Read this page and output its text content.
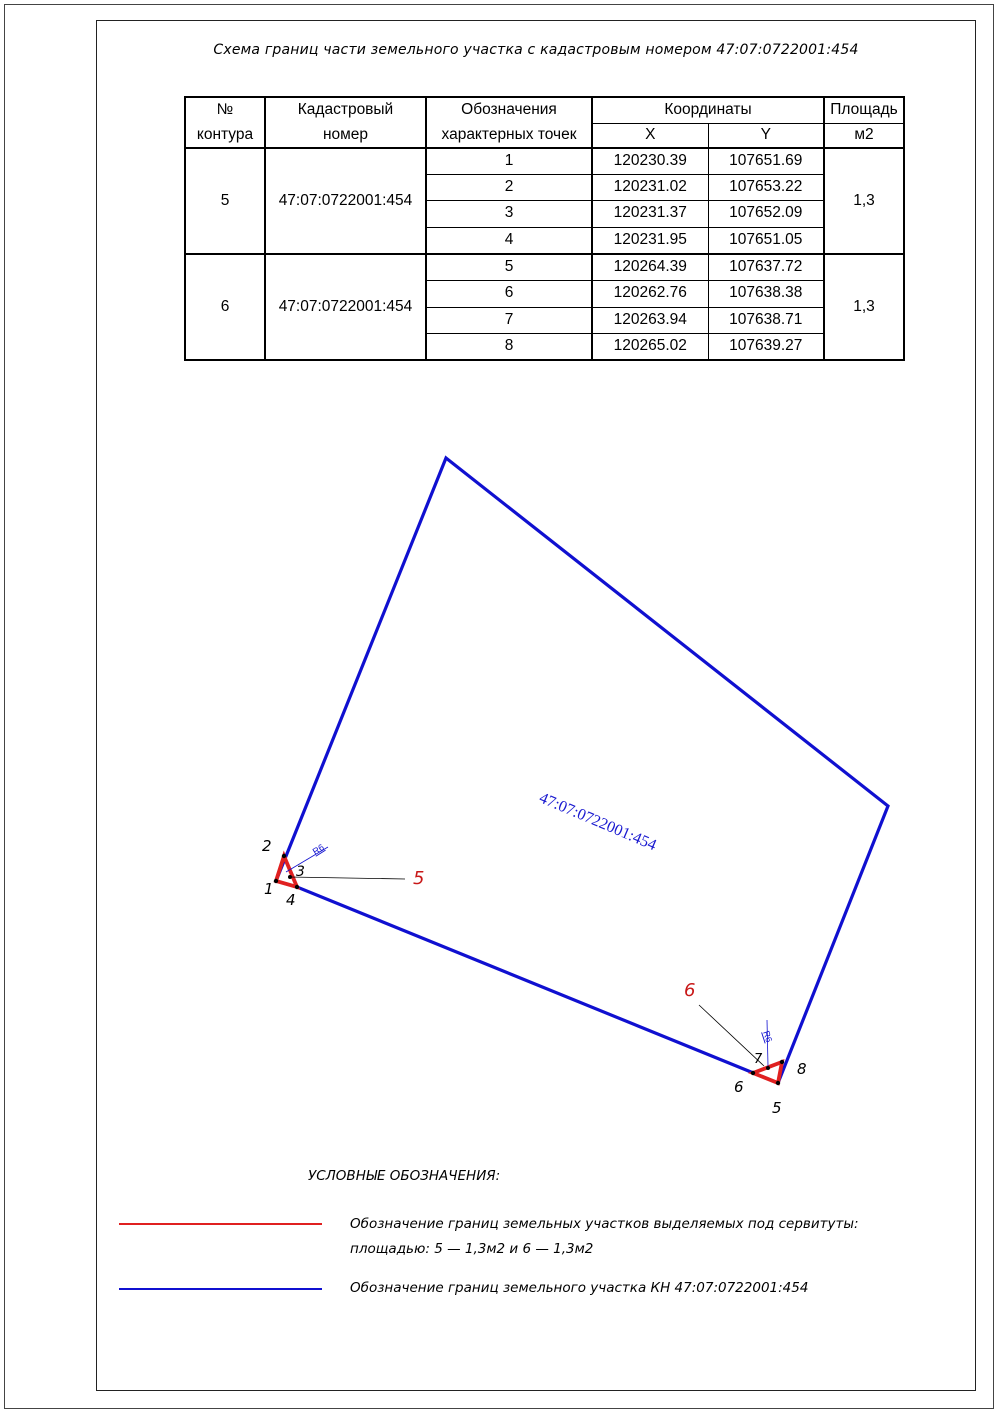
Схема границ части земельного участка с кадастровым номером 47:07:0722001:454
№	Кадастровый	Обозначения	Координаты		Площадь
контура	номер	характерных точек	X	Y	м2
5	47:07:0722001:454	1	120230.39	107651.69	1,3
		2	120231.02	107653.22	
		3	120231.37	107652.09	
		4	120231.95	107651.05	
6	47:07:0722001:454	5	120264.39	107637.72	1,3
		6	120262.76	107638.38	
		7	120263.94	107638.71	
		8	120265.02	107639.27	
47:07:0722001:454
5
6
R6
R6
1
2
3
4
5
6
7
8
УСЛОВНЫЕ ОБОЗНАЧЕНИЯ:
Обозначение границ земельных участков выделяемых под сервитуты:
площадью: 5 — 1,3м2 и 6 — 1,3м2
Обозначение границ земельного участка КН 47:07:0722001:454
